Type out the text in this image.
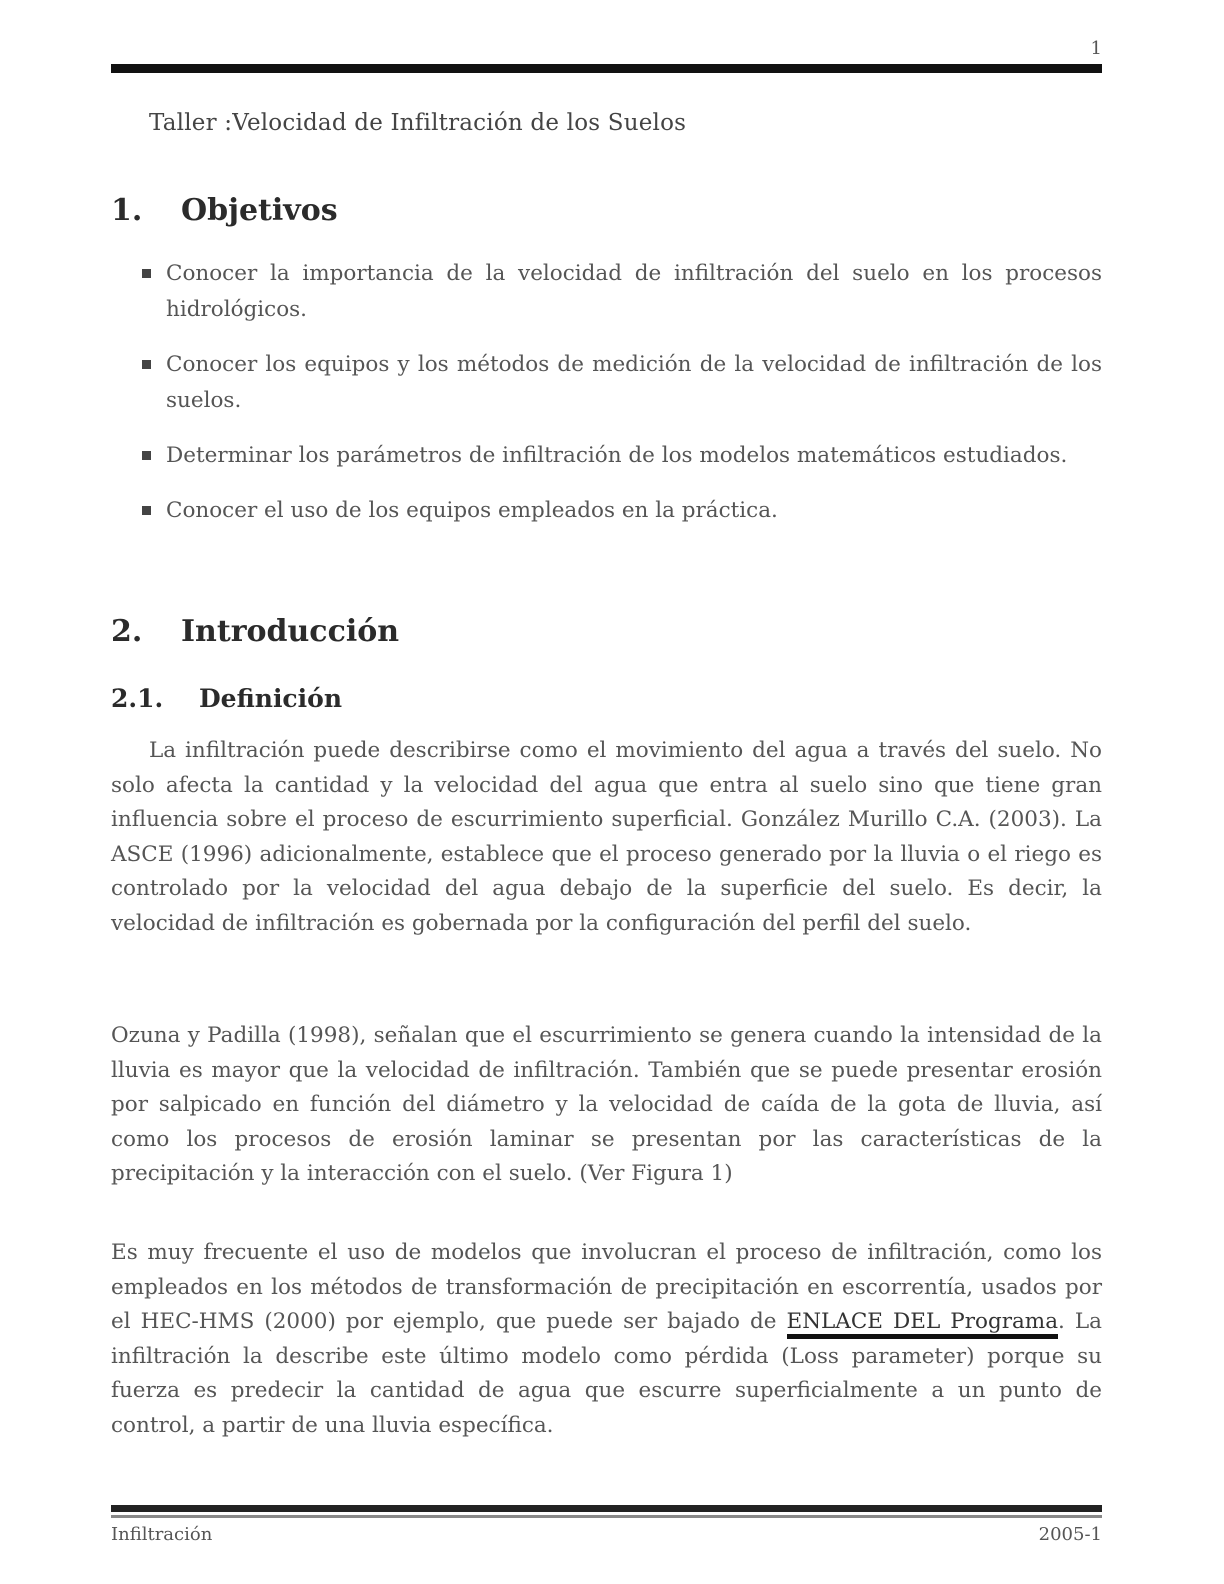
1
Taller :Velocidad de Infiltración de los Suelos
1. Objetivos
Conocer la importancia de la velocidad de infiltración del suelo en los procesos hidrológicos.
Conocer los equipos y los métodos de medición de la velocidad de infiltración de los suelos.
Determinar los parámetros de infiltración de los modelos matemáticos estudiados.
Conocer el uso de los equipos empleados en la práctica.
2. Introducción
2.1. Definición

La infiltración puede describirse como el movimiento del agua a través del suelo. No solo afecta la cantidad y la velocidad del agua que entra al suelo sino que tiene gran influencia sobre el proceso de escurrimiento superficial. González Murillo C.A. (2003). La ASCE (1996) adicionalmente, establece que el proceso generado por la lluvia o el riego es controlado por la velocidad del agua debajo de la superficie del suelo. Es decir, la velocidad de infiltración es gobernada por la configuración del perfil del suelo.

Ozuna y Padilla (1998), señalan que el escurrimiento se genera cuando la intensidad de la lluvia es mayor que la velocidad de infiltración. También que se puede presentar erosión por salpicado en función del diámetro y la velocidad de caída de la gota de lluvia, así como los procesos de erosión laminar se presentan por las características de la precipitación y la interacción con el suelo. (Ver Figura 1)

Es muy frecuente el uso de modelos que involucran el proceso de infiltración, como los empleados en los métodos de transformación de precipitación en escorrentía, usados por el HEC-HMS (2000) por ejemplo, que puede ser bajado de ENLACE DEL Programa. La infiltración la describe este último modelo como pérdida (Loss parameter) porque su fuerza es predecir la cantidad de agua que escurre superficialmente a un punto de control, a partir de una lluvia específica.

Infiltración	2005-1
